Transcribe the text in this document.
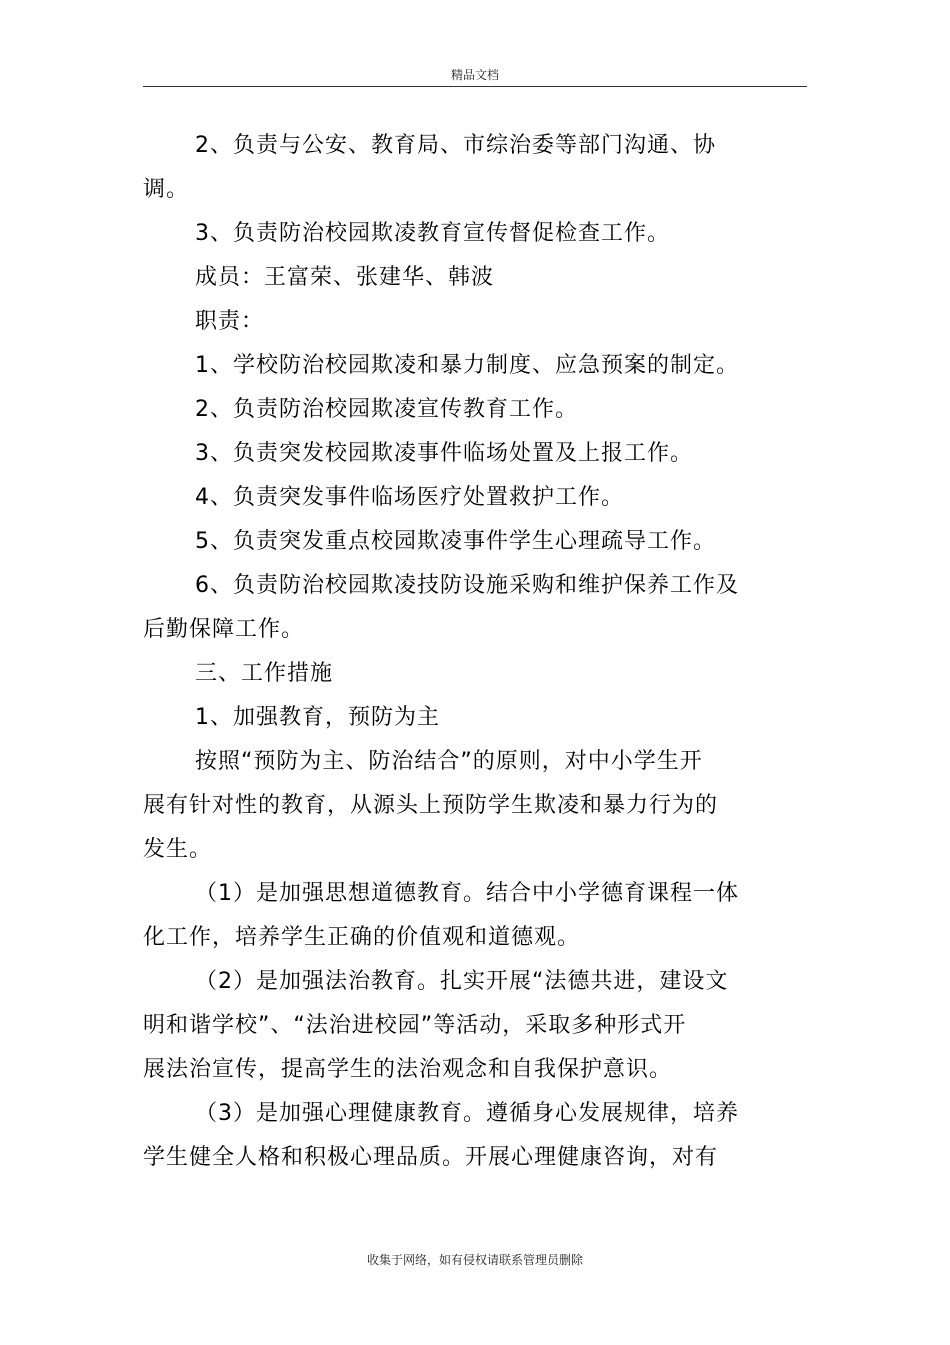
精品文档

2、负责与公安、教育局、市综治委等部门沟通、协

调。

3、负责防治校园欺凌教育宣传督促检查工作。

成员：王富荣、张建华、韩波

职责：

1、学校防治校园欺凌和暴力制度、应急预案的制定。

2、负责防治校园欺凌宣传教育工作。

3、负责突发校园欺凌事件临场处置及上报工作。

4、负责突发事件临场医疗处置救护工作。

5、负责突发重点校园欺凌事件学生心理疏导工作。

6、负责防治校园欺凌技防设施采购和维护保养工作及

后勤保障工作。

三、工作措施

1、加强教育，预防为主

按照“预防为主、防治结合”的原则，对中小学生开

展有针对性的教育，从源头上预防学生欺凌和暴力行为的

发生。

（1）是加强思想道德教育。结合中小学德育课程一体

化工作，培养学生正确的价值观和道德观。

（2）是加强法治教育。扎实开展“法德共进，建设文

明和谐学校”、“法治进校园”等活动，采取多种形式开

展法治宣传，提高学生的法治观念和自我保护意识。

（3）是加强心理健康教育。遵循身心发展规律，培养

学生健全人格和积极心理品质。开展心理健康咨询，对有

收集于网络，如有侵权请联系管理员删除
